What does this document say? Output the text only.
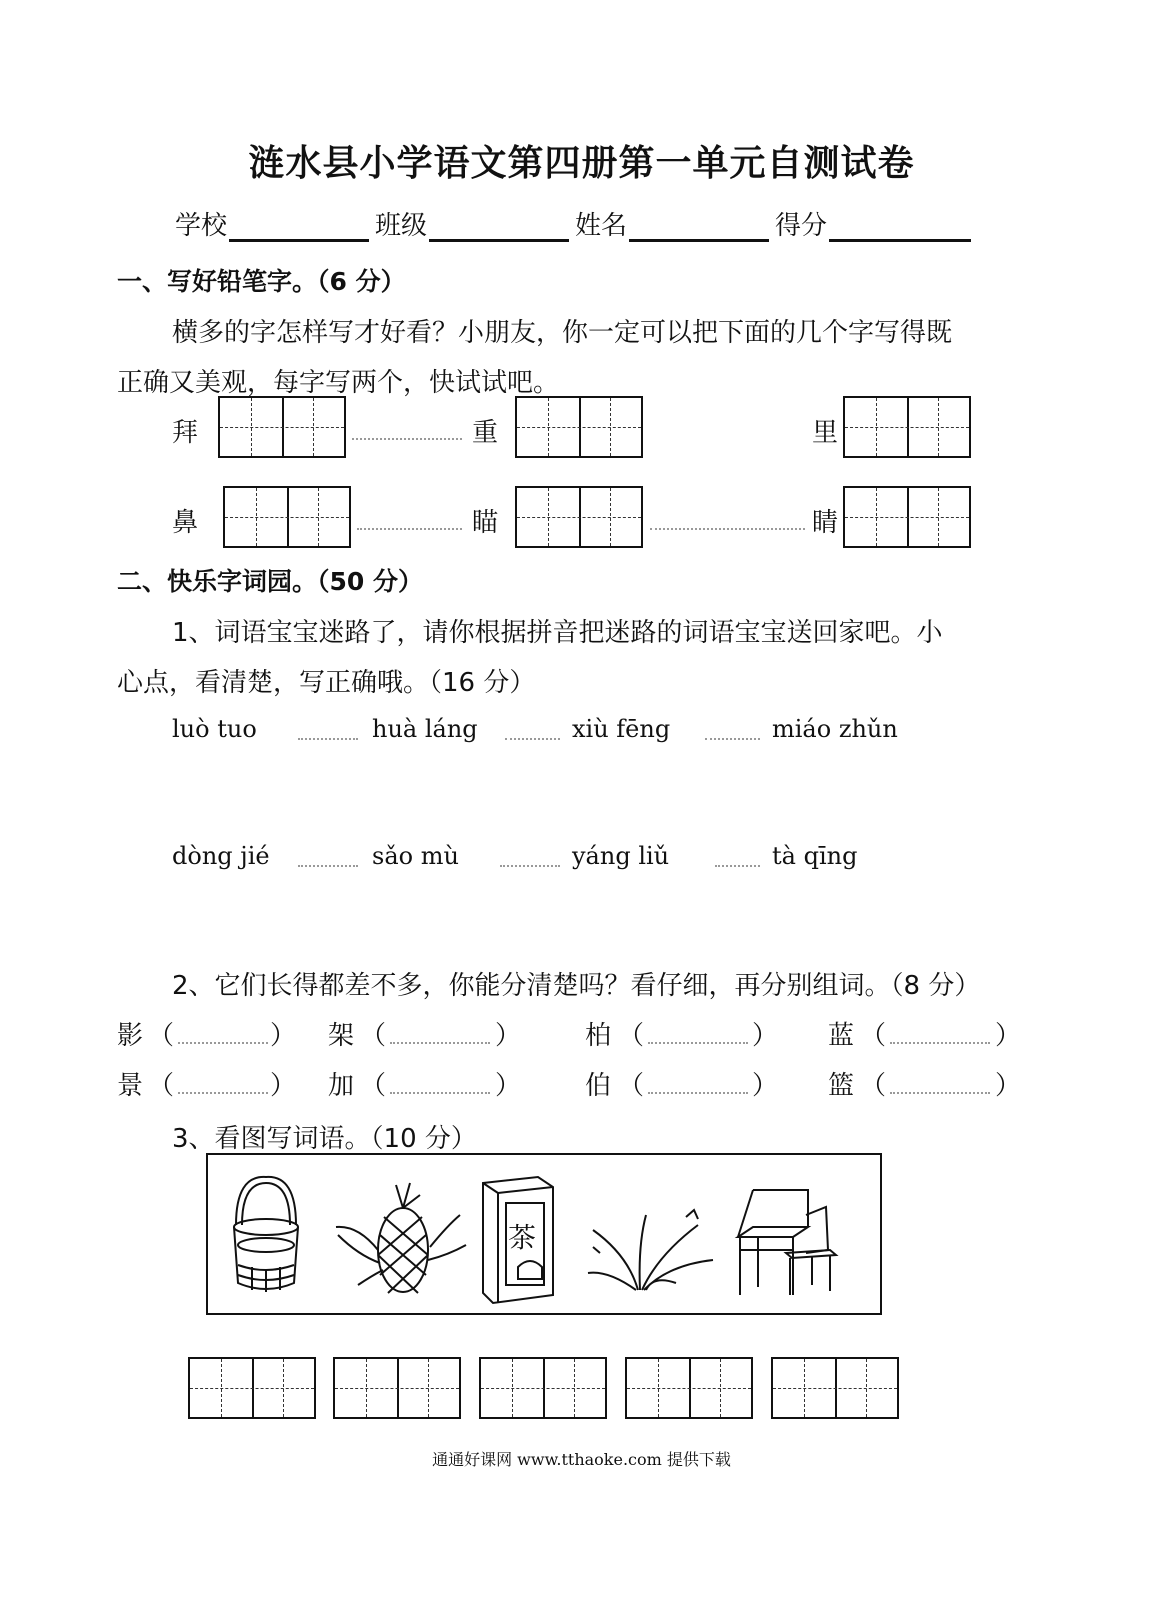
涟水县小学语文第四册第一单元自测试卷
学校	班级	姓名	得分
一、写好铅笔字。（6 分）
横多的字怎样写才好看？小朋友，你一定可以把下面的几个字写得既
正确又美观，每字写两个，快试试吧。
拜	重	里
鼻	瞄	睛
二、快乐字词园。（50 分）
1、词语宝宝迷路了，请你根据拼音把迷路的词语宝宝送回家吧。小
心点，看清楚，写正确哦。（16 分）
luò tuo	huà láng	xiù fēng	miáo zhǔn
dòng jié	sǎo mù	yáng liǔ	tà qīng
2、它们长得都差不多，你能分清楚吗？看仔细，再分别组词。（8 分）
影 （	） 架 （	） 柏 （	） 蓝 （	）
景 （	） 加 （	） 伯 （	） 篮 （	）
3、看图写词语。（10 分）
茶
通通好课网 www.tthaoke.com 提供下载
